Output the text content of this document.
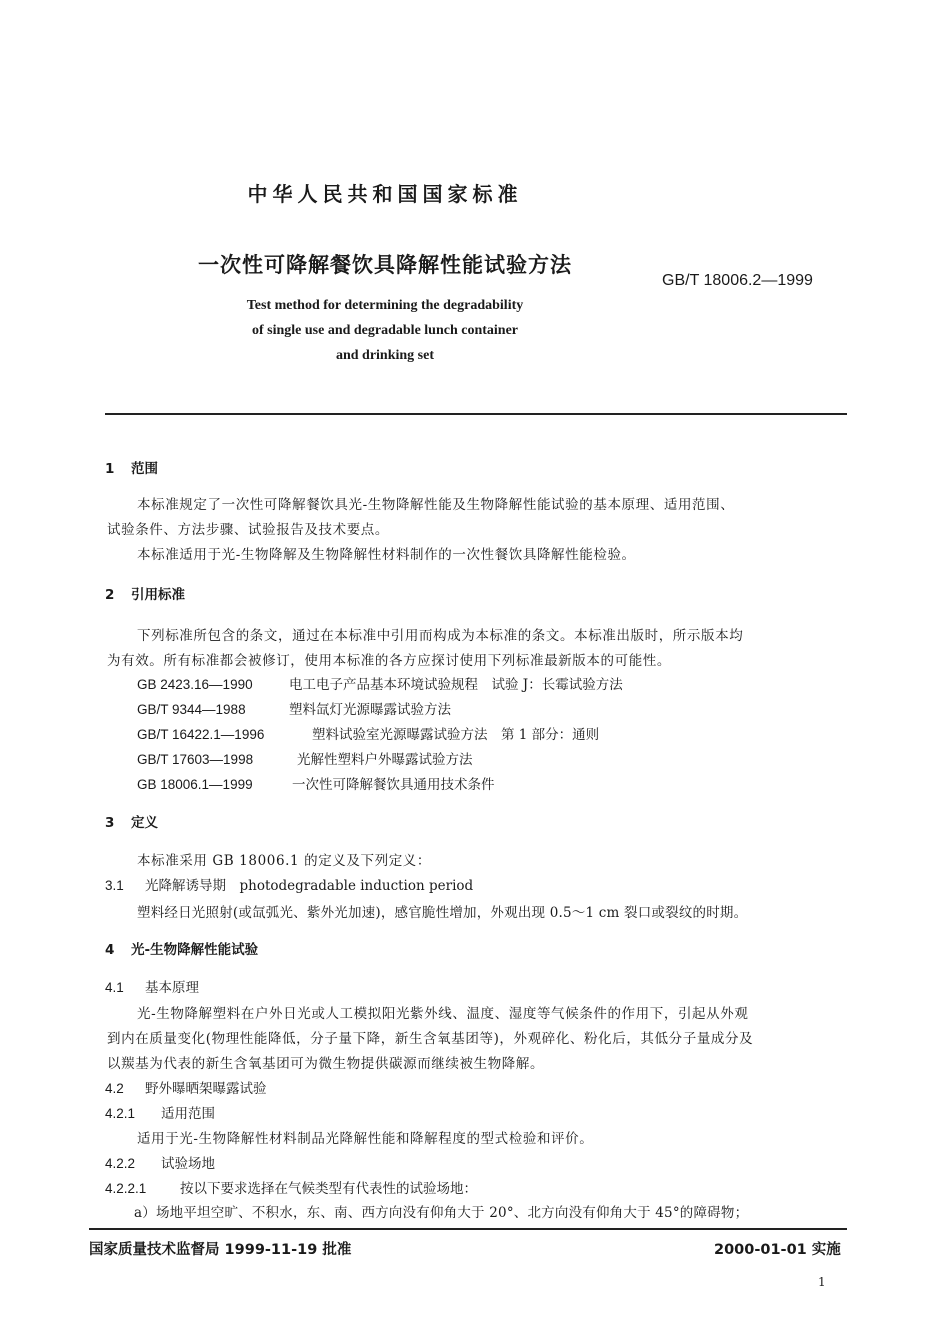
中华人民共和国国家标准
一次性可降解餐饮具降解性能试验方法
GB/T 18006.2—1999
Test method for determining the degradability
of single use and degradable lunch container
and drinking set
1 范围
本标准规定了一次性可降解餐饮具光-生物降解性能及生物降解性能试验的基本原理、适用范围、
试验条件、方法步骤、试验报告及技术要点。
本标准适用于光-生物降解及生物降解性材料制作的一次性餐饮具降解性能检验。
2 引用标准
下列标准所包含的条文，通过在本标准中引用而构成为本标准的条文。本标准出版时，所示版本均
为有效。所有标准都会被修订，使用本标准的各方应探讨使用下列标准最新版本的可能性。
GB 2423.16—1990	电工电子产品基本环境试验规程　试验 J：长霉试验方法
GB/T 9344—1988	塑料氙灯光源曝露试验方法
GB/T 16422.1—1996	塑料试验室光源曝露试验方法　第 1 部分：通则
GB/T 17603—1998	光解性塑料户外曝露试验方法
GB 18006.1—1999	一次性可降解餐饮具通用技术条件
3 定义
本标准采用 GB 18006.1 的定义及下列定义：
3.1 光降解诱导期　photodegradable induction period
塑料经日光照射(或氙弧光、紫外光加速)，感官脆性增加，外观出现 0.5～1 cm 裂口或裂纹的时期。
4 光-生物降解性能试验
4.1 基本原理
光-生物降解塑料在户外日光或人工模拟阳光紫外线、温度、湿度等气候条件的作用下，引起从外观
到内在质量变化(物理性能降低，分子量下降，新生含氧基团等)，外观碎化、粉化后，其低分子量成分及
以羰基为代表的新生含氧基团可为微生物提供碳源而继续被生物降解。
4.2 野外曝晒架曝露试验
4.2.1 适用范围
适用于光-生物降解性材料制品光降解性能和降解程度的型式检验和评价。
4.2.2 试验场地
4.2.2.1 按以下要求选择在气候类型有代表性的试验场地：
a）场地平坦空旷、不积水，东、南、西方向没有仰角大于 20°、北方向没有仰角大于 45°的障碍物；
国家质量技术监督局 1999-11-19 批准	2000-01-01 实施
1
